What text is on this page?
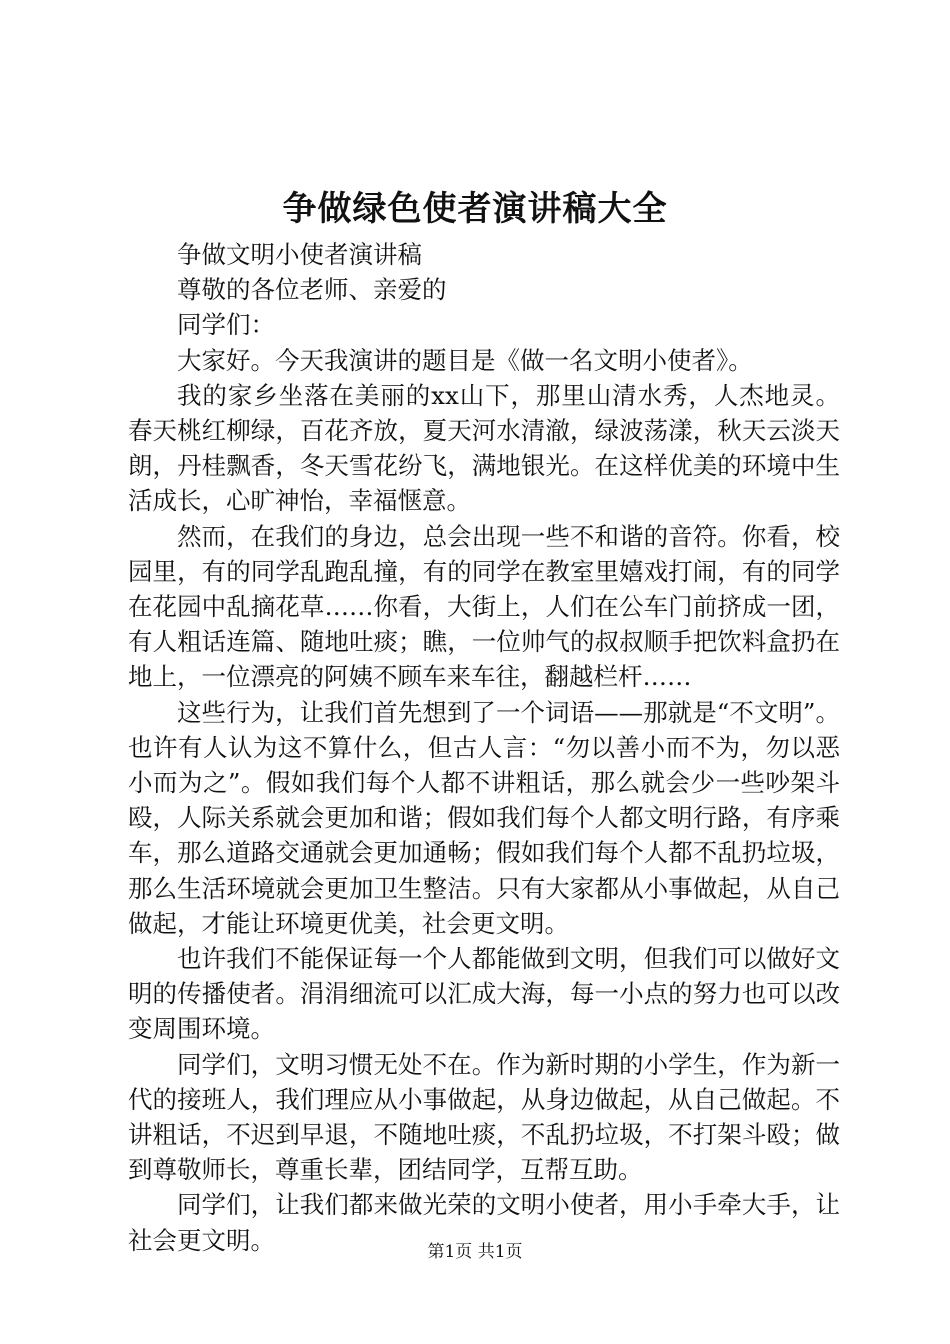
争做绿色使者演讲稿大全

争做文明小使者演讲稿

尊敬的各位老师、亲爱的

同学们：

大家好。今天我演讲的题目是《做一名文明小使者》。

我的家乡坐落在美丽的xx山下，那里山清水秀，人杰地灵。春天桃红柳绿，百花齐放，夏天河水清澈，绿波荡漾，秋天云淡天朗，丹桂飘香，冬天雪花纷飞，满地银光。在这样优美的环境中生活成长，心旷神怡，幸福惬意。

然而，在我们的身边，总会出现一些不和谐的音符。你看，校园里，有的同学乱跑乱撞，有的同学在教室里嬉戏打闹，有的同学在花园中乱摘花草……你看，大街上，人们在公车门前挤成一团，有人粗话连篇、随地吐痰；瞧，一位帅气的叔叔顺手把饮料盒扔在地上，一位漂亮的阿姨不顾车来车往，翻越栏杆……

这些行为，让我们首先想到了一个词语——那就是“不文明”。也许有人认为这不算什么，但古人言：“勿以善小而不为，勿以恶小而为之”。假如我们每个人都不讲粗话，那么就会少一些吵架斗殴，人际关系就会更加和谐；假如我们每个人都文明行路，有序乘车，那么道路交通就会更加通畅；假如我们每个人都不乱扔垃圾，那么生活环境就会更加卫生整洁。只有大家都从小事做起，从自己做起，才能让环境更优美，社会更文明。

也许我们不能保证每一个人都能做到文明，但我们可以做好文明的传播使者。涓涓细流可以汇成大海，每一小点的努力也可以改变周围环境。

同学们，文明习惯无处不在。作为新时期的小学生，作为新一代的接班人，我们理应从小事做起，从身边做起，从自己做起。不讲粗话，不迟到早退，不随地吐痰，不乱扔垃圾，不打架斗殴；做到尊敬师长，尊重长辈，团结同学，互帮互助。

同学们，让我们都来做光荣的文明小使者，用小手牵大手，让社会更文明。	第1页 共1页
